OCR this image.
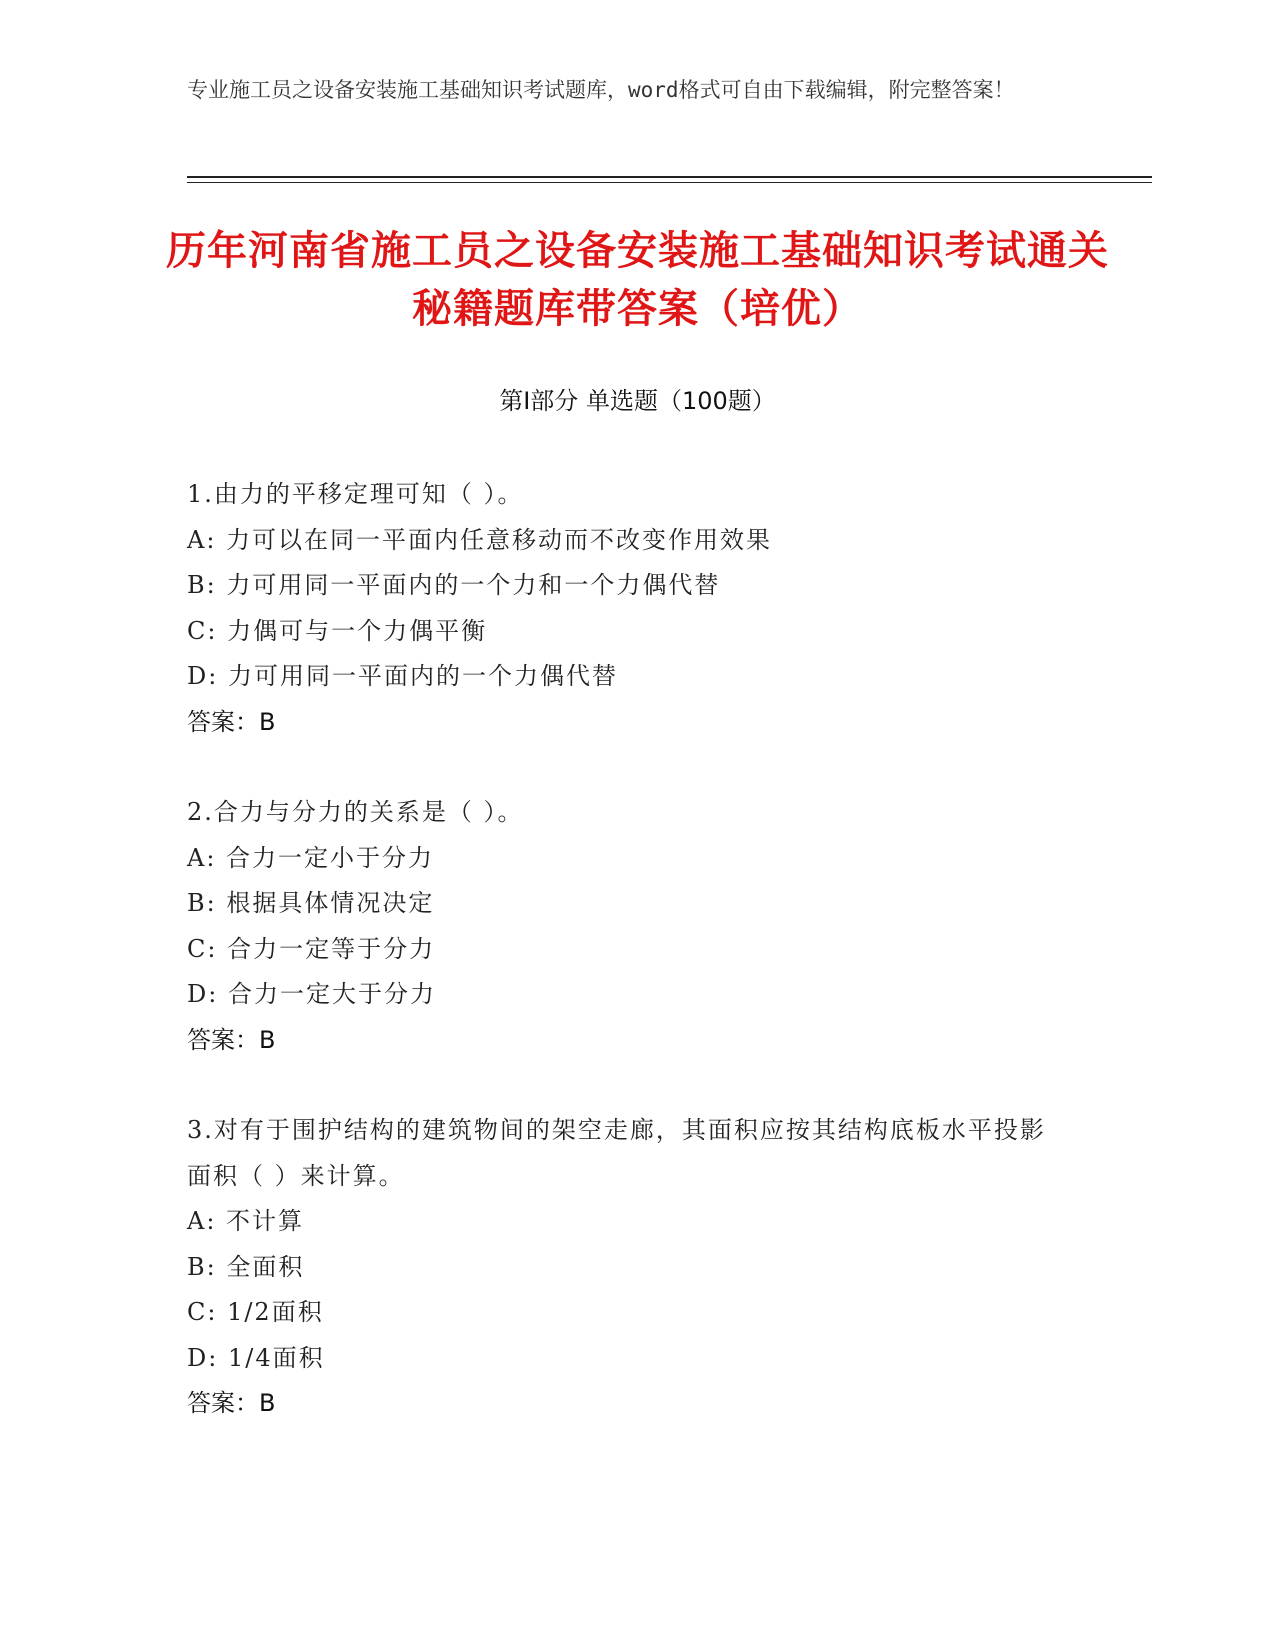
专业施工员之设备安装施工基础知识考试题库，word格式可自由下载编辑，附完整答案！

历年河南省施工员之设备安装施工基础知识考试通关秘籍题库带答案（培优）
第Ⅰ部分 单选题（100题）

1.由力的平移定理可知（ ）。

A: 力可以在同一平面内任意移动而不改变作用效果

B: 力可用同一平面内的一个力和一个力偶代替

C: 力偶可与一个力偶平衡

D: 力可用同一平面内的一个力偶代替

答案：B

2.合力与分力的关系是（ ）。

A: 合力一定小于分力

B: 根据具体情况决定

C: 合力一定等于分力

D: 合力一定大于分力

答案：B

3.对有于围护结构的建筑物间的架空走廊，其面积应按其结构底板水平投影面积（ ）来计算。

A: 不计算

B: 全面积

C: 1/2面积

D: 1/4面积

答案：B
